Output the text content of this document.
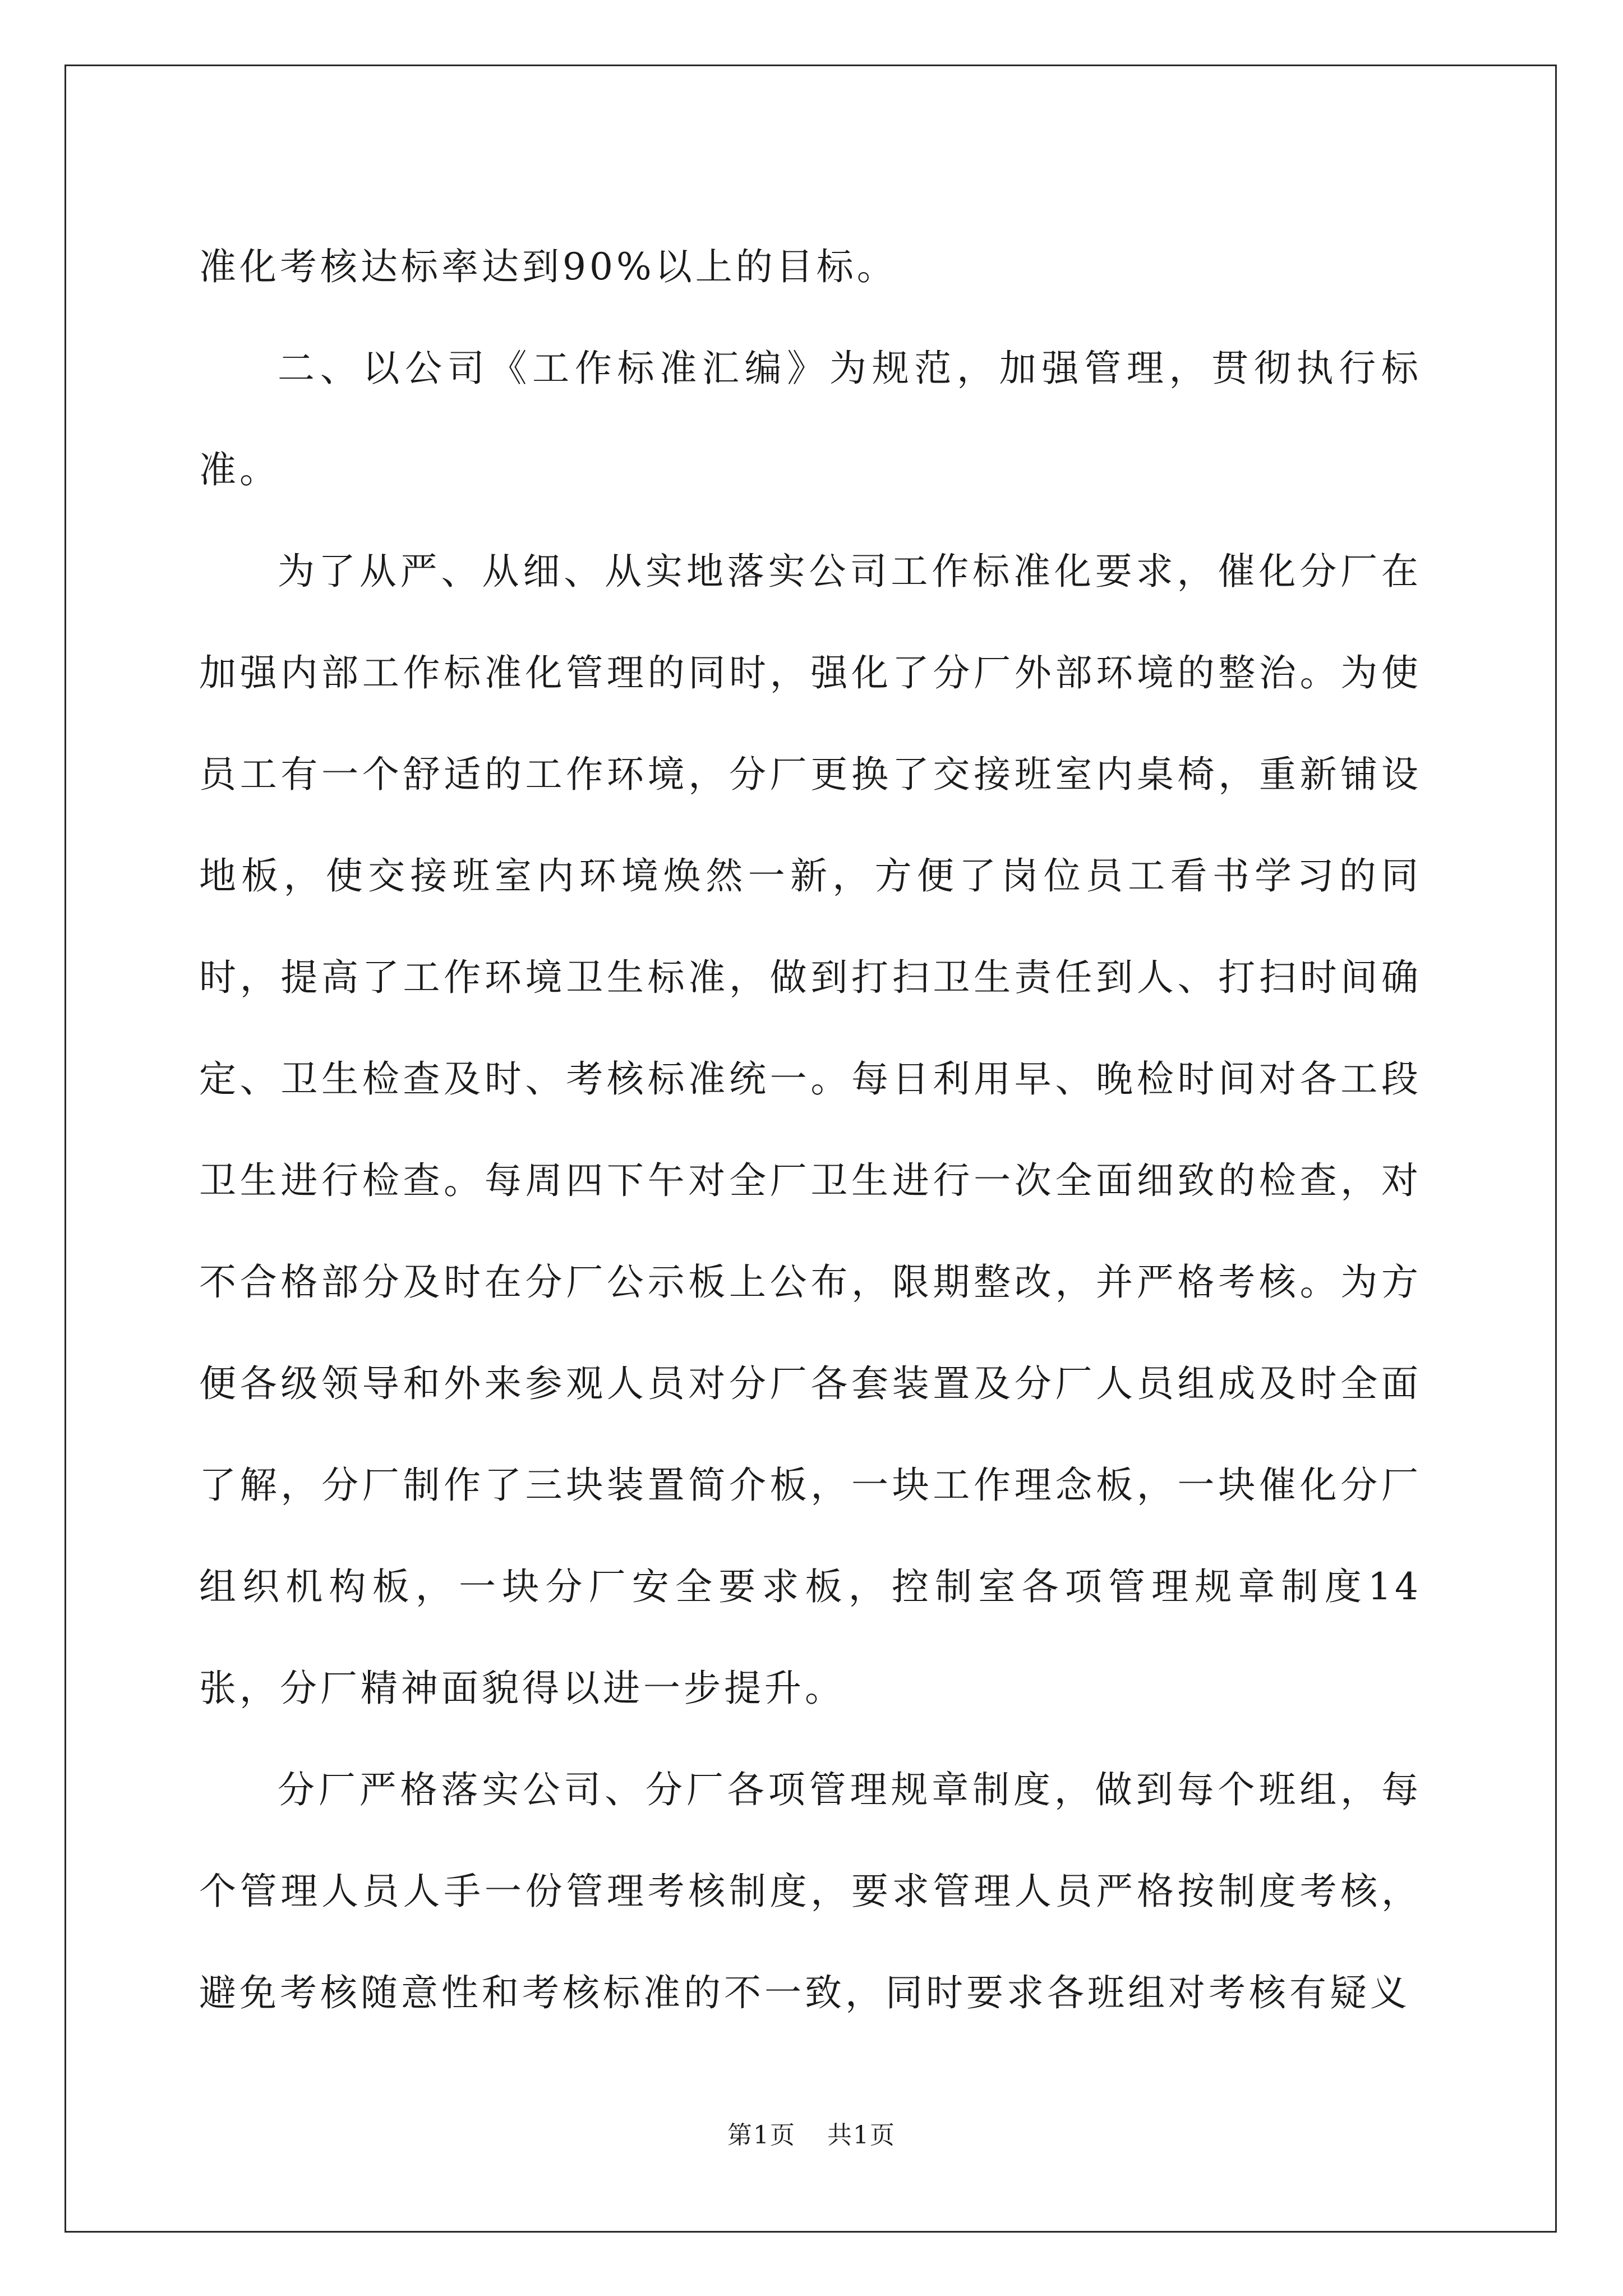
准化考核达标率达到90%以上的目标。

二、以公司《工作标准汇编》为规范，加强管理，贯彻执行标准。

为了从严、从细、从实地落实公司工作标准化要求，催化分厂在加强内部工作标准化管理的同时，强化了分厂外部环境的整治。为使员工有一个舒适的工作环境，分厂更换了交接班室内桌椅，重新铺设地板，使交接班室内环境焕然一新，方便了岗位员工看书学习的同时，提高了工作环境卫生标准，做到打扫卫生责任到人、打扫时间确定、卫生检查及时、考核标准统一。每日利用早、晚检时间对各工段卫生进行检查。每周四下午对全厂卫生进行一次全面细致的检查，对不合格部分及时在分厂公示板上公布，限期整改，并严格考核。为方便各级领导和外来参观人员对分厂各套装置及分厂人员组成及时全面了解，分厂制作了三块装置简介板，一块工作理念板，一块催化分厂组织机构板，一块分厂安全要求板，控制室各项管理规章制度14张，分厂精神面貌得以进一步提升。

分厂严格落实公司、分厂各项管理规章制度，做到每个班组，每个管理人员人手一份管理考核制度，要求管理人员严格按制度考核，避免考核随意性和考核标准的不一致，同时要求各班组对考核有疑义

第1页 共1页
